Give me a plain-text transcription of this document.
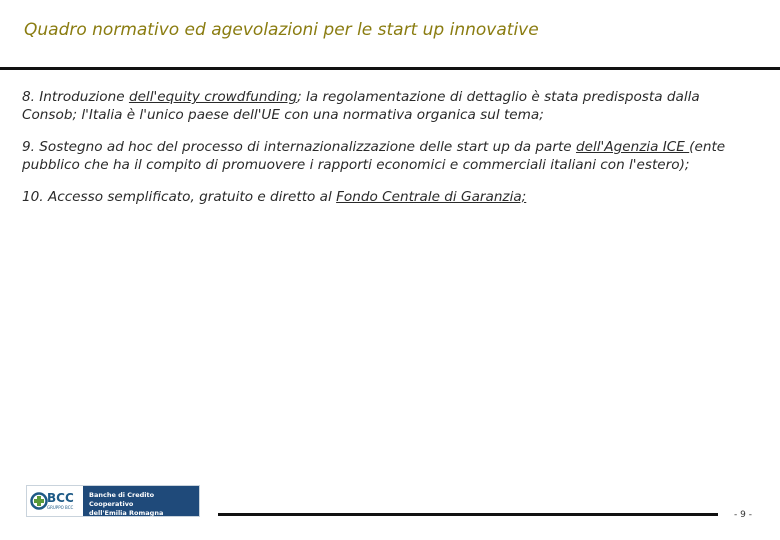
Quadro normativo ed agevolazioni per le start up innovative

8. Introduzione dell'equity crowdfunding; la regolamentazione di dettaglio è stata predisposta dalla Consob; l'Italia è l'unico paese dell'UE con una normativa organica sul tema;

9. Sostegno ad hoc del processo di internazionalizzazione delle start up da parte dell'Agenzia ICE (ente pubblico che ha il compito di promuovere i rapporti economici e commerciali italiani con l'estero);

10. Accesso semplificato, gratuito e diretto al Fondo Centrale di Garanzia;

BCC
GRUPPO BCC
Banche di Credito Cooperativo
dell'Emilia Romagna	- 9 -
